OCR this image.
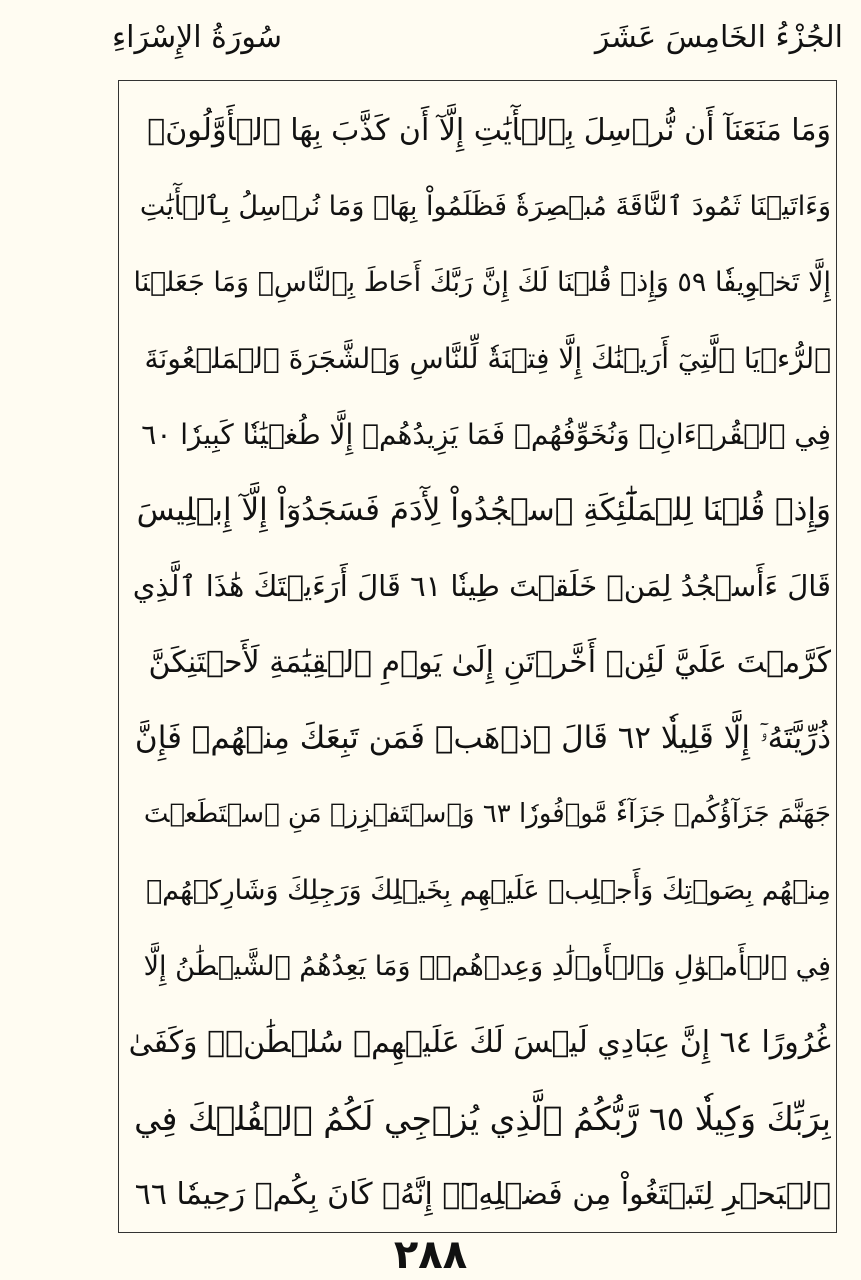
الجُزْءُ الخَامِسَ عَشَرَ
سُورَةُ الإِسْرَاءِ
وَمَا مَنَعَنَآ أَن نُّرۡسِلَ بِٱلۡأٓيَٰتِ إِلَّآ أَن كَذَّبَ بِهَا ٱلۡأَوَّلُونَۚ
وَءَاتَيۡنَا ثَمُودَ ٱلنَّاقَةَ مُبۡصِرَةٗ فَظَلَمُواْ بِهَاۚ وَمَا نُرۡسِلُ بِٱلۡأٓيَٰتِ
إِلَّا تَخۡوِيفٗا ٥٩ وَإِذۡ قُلۡنَا لَكَ إِنَّ رَبَّكَ أَحَاطَ بِٱلنَّاسِۚ وَمَا جَعَلۡنَا
ٱلرُّءۡيَا ٱلَّتِيٓ أَرَيۡنَٰكَ إِلَّا فِتۡنَةٗ لِّلنَّاسِ وَٱلشَّجَرَةَ ٱلۡمَلۡعُونَةَ
فِي ٱلۡقُرۡءَانِۚ وَنُخَوِّفُهُمۡ فَمَا يَزِيدُهُمۡ إِلَّا طُغۡيَٰنٗا كَبِيرٗا ٦٠
وَإِذۡ قُلۡنَا لِلۡمَلَٰٓئِكَةِ ٱسۡجُدُواْ لِأٓدَمَ فَسَجَدُوٓاْ إِلَّآ إِبۡلِيسَ
قَالَ ءَأَسۡجُدُ لِمَنۡ خَلَقۡتَ طِينٗا ٦١ قَالَ أَرَءَيۡتَكَ هَٰذَا ٱلَّذِي
كَرَّمۡتَ عَلَيَّ لَئِنۡ أَخَّرۡتَنِ إِلَىٰ يَوۡمِ ٱلۡقِيَٰمَةِ لَأَحۡتَنِكَنَّ
ذُرِّيَّتَهُۥٓ إِلَّا قَلِيلٗا ٦٢ قَالَ ٱذۡهَبۡ فَمَن تَبِعَكَ مِنۡهُمۡ فَإِنَّ
جَهَنَّمَ جَزَآؤُكُمۡ جَزَآءٗ مَّوۡفُورٗا ٦٣ وَٱسۡتَفۡزِزۡ مَنِ ٱسۡتَطَعۡتَ
مِنۡهُم بِصَوۡتِكَ وَأَجۡلِبۡ عَلَيۡهِم بِخَيۡلِكَ وَرَجِلِكَ وَشَارِكۡهُمۡ
فِي ٱلۡأَمۡوَٰلِ وَٱلۡأَوۡلَٰدِ وَعِدۡهُمۡۚ وَمَا يَعِدُهُمُ ٱلشَّيۡطَٰنُ إِلَّا
غُرُورًا ٦٤ إِنَّ عِبَادِي لَيۡسَ لَكَ عَلَيۡهِمۡ سُلۡطَٰنٞۚ وَكَفَىٰ
بِرَبِّكَ وَكِيلٗا ٦٥ رَّبُّكُمُ ٱلَّذِي يُزۡجِي لَكُمُ ٱلۡفُلۡكَ فِي
ٱلۡبَحۡرِ لِتَبۡتَغُواْ مِن فَضۡلِهِۦٓۚ إِنَّهُۥ كَانَ بِكُمۡ رَحِيمٗا ٦٦
٢٨٨
